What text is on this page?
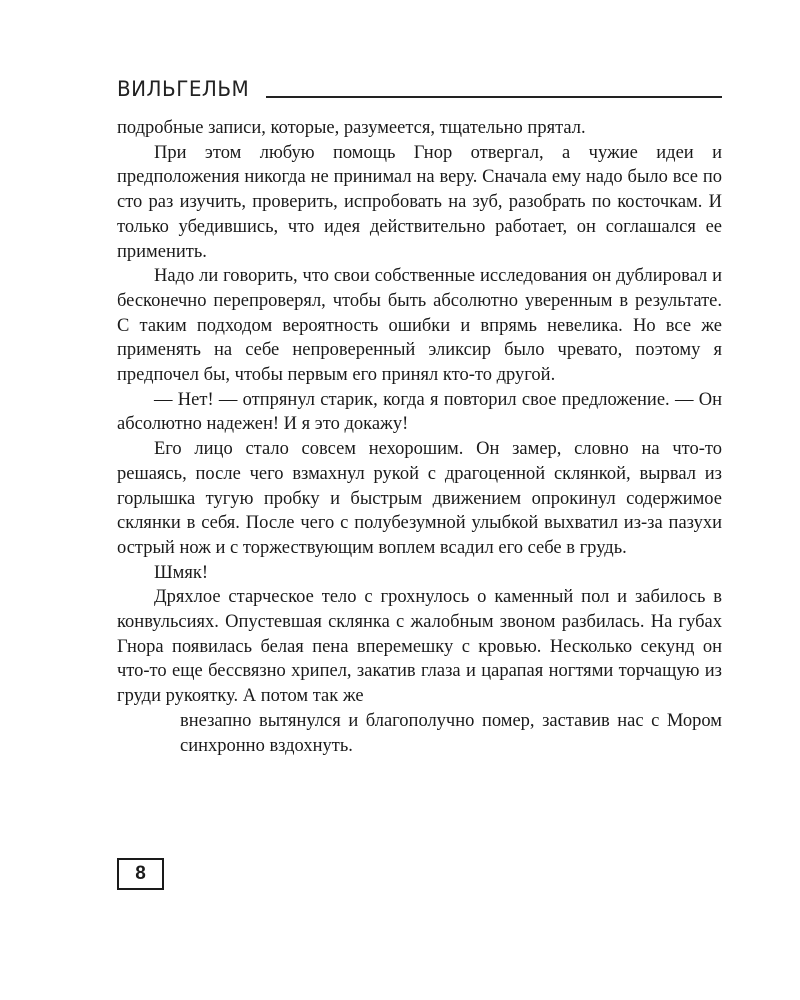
ВИЛЬГЕЛЬМ

подробные записи, которые, разумеется, тщательно прятал.

При этом любую помощь Гнор отвергал, а чужие идеи и предположения никогда не принимал на веру. Сначала ему надо было все по сто раз изучить, проверить, испробовать на зуб, разобрать по косточкам. И только убедившись, что идея действительно работает, он соглашался ее применить.

Надо ли говорить, что свои собственные исследования он дублировал и бесконечно перепроверял, чтобы быть абсолютно уверенным в результате. С таким подходом вероятность ошибки и впрямь невелика. Но все же применять на себе непроверенный эликсир было чревато, поэтому я предпочел бы, чтобы первым его принял кто-то другой.

— Нет! — отпрянул старик, когда я повторил свое предложение. — Он абсолютно надежен! И я это докажу!

Его лицо стало совсем нехорошим. Он замер, словно на что-то решаясь, после чего взмахнул рукой с драгоценной склянкой, вырвал из горлышка тугую пробку и быстрым движением опрокинул содержимое склянки в себя. После чего с полубезумной улыбкой выхватил из-за пазухи острый нож и с торжествующим воплем всадил его себе в грудь.

Шмяк!

Дряхлое старческое тело с грохнулось о каменный пол и забилось в конвульсиях. Опустевшая склянка с жалобным звоном разбилась. На губах Гнора появилась белая пена вперемешку с кровью. Несколько секунд он что-то еще бессвязно хрипел, закатив глаза и царапая ногтями торчащую из груди рукоятку. А потом так же

внезапно вытянулся и благополучно помер, заставив нас с Мором синхронно вздохнуть.

8
